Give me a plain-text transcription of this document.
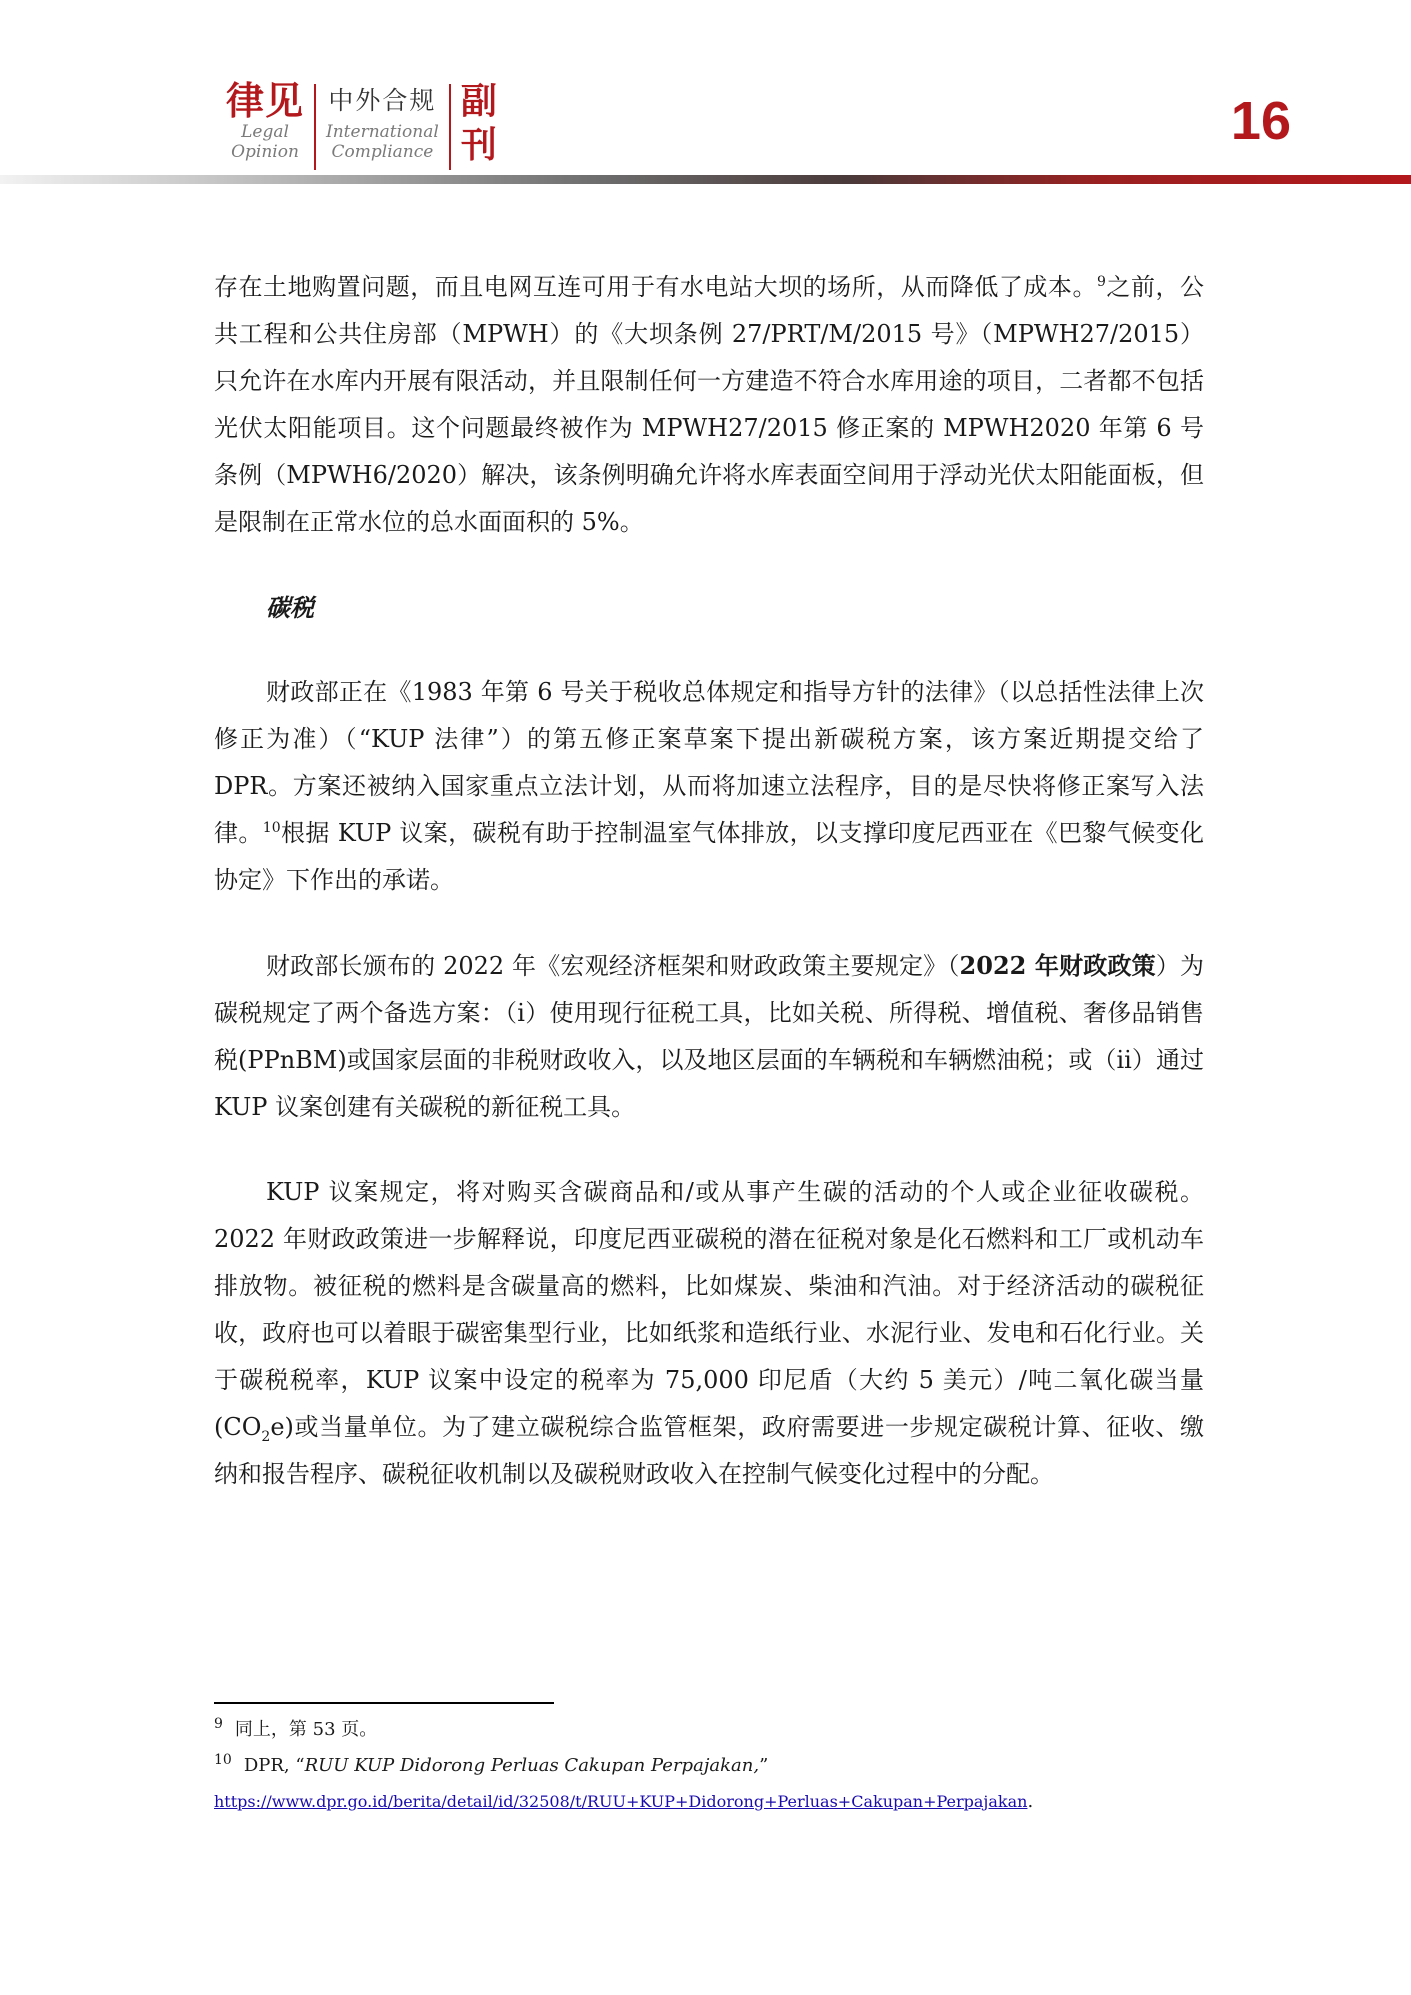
律见
Legal
Opinion
中外合规
International
Compliance
副
刊	16

存在土地购置问题，而且电网互连可用于有水电站大坝的场所，从而降低了成本。$^9$之前，公共工程和公共住房部（MPWH）的《大坝条例 27/PRT/M/2015 号》（MPWH27/2015）只允许在水库内开展有限活动，并且限制任何一方建造不符合水库用途的项目，二者都不包括光伏太阳能项目。这个问题最终被作为 MPWH27/2015 修正案的 MPWH2020 年第 6 号条例（MPWH6/2020）解决，该条例明确允许将水库表面空间用于浮动光伏太阳能面板，但是限制在正常水位的总水面面积的 5%。

碳税

财政部正在《1983 年第 6 号关于税收总体规定和指导方针的法律》（以总括性法律上次修正为准）（“KUP 法律”）的第五修正案草案下提出新碳税方案，该方案近期提交给了 DPR。方案还被纳入国家重点立法计划，从而将加速立法程序，目的是尽快将修正案写入法律。$^{10}$根据 KUP 议案，碳税有助于控制温室气体排放，以支撑印度尼西亚在《巴黎气候变化协定》下作出的承诺。

财政部长颁布的 2022 年《宏观经济框架和财政政策主要规定》（2022 年财政政策）为碳税规定了两个备选方案：（i）使用现行征税工具，比如关税、所得税、增值税、奢侈品销售税(PPnBM)或国家层面的非税财政收入，以及地区层面的车辆税和车辆燃油税；或（ii）通过 KUP 议案创建有关碳税的新征税工具。

KUP 议案规定，将对购买含碳商品和/或从事产生碳的活动的个人或企业征收碳税。2022 年财政政策进一步解释说，印度尼西亚碳税的潜在征税对象是化石燃料和工厂或机动车排放物。被征税的燃料是含碳量高的燃料，比如煤炭、柴油和汽油。对于经济活动的碳税征收，政府也可以着眼于碳密集型行业，比如纸浆和造纸行业、水泥行业、发电和石化行业。关于碳税税率，KUP 议案中设定的税率为 75,000 印尼盾（大约 5 美元）/吨二氧化碳当量$(CO_2e)$或当量单位。为了建立碳税综合监管框架，政府需要进一步规定碳税计算、征收、缴纳和报告程序、碳税征收机制以及碳税财政收入在控制气候变化过程中的分配。

$^9$ 同上，第 53 页。

$^{10}$ DPR, “RUU KUP Didorong Perluas Cakupan Perpajakan,”

https://www.dpr.go.id/berita/detail/id/32508/t/RUU+KUP+Didorong+Perluas+Cakupan+Perpajakan.
